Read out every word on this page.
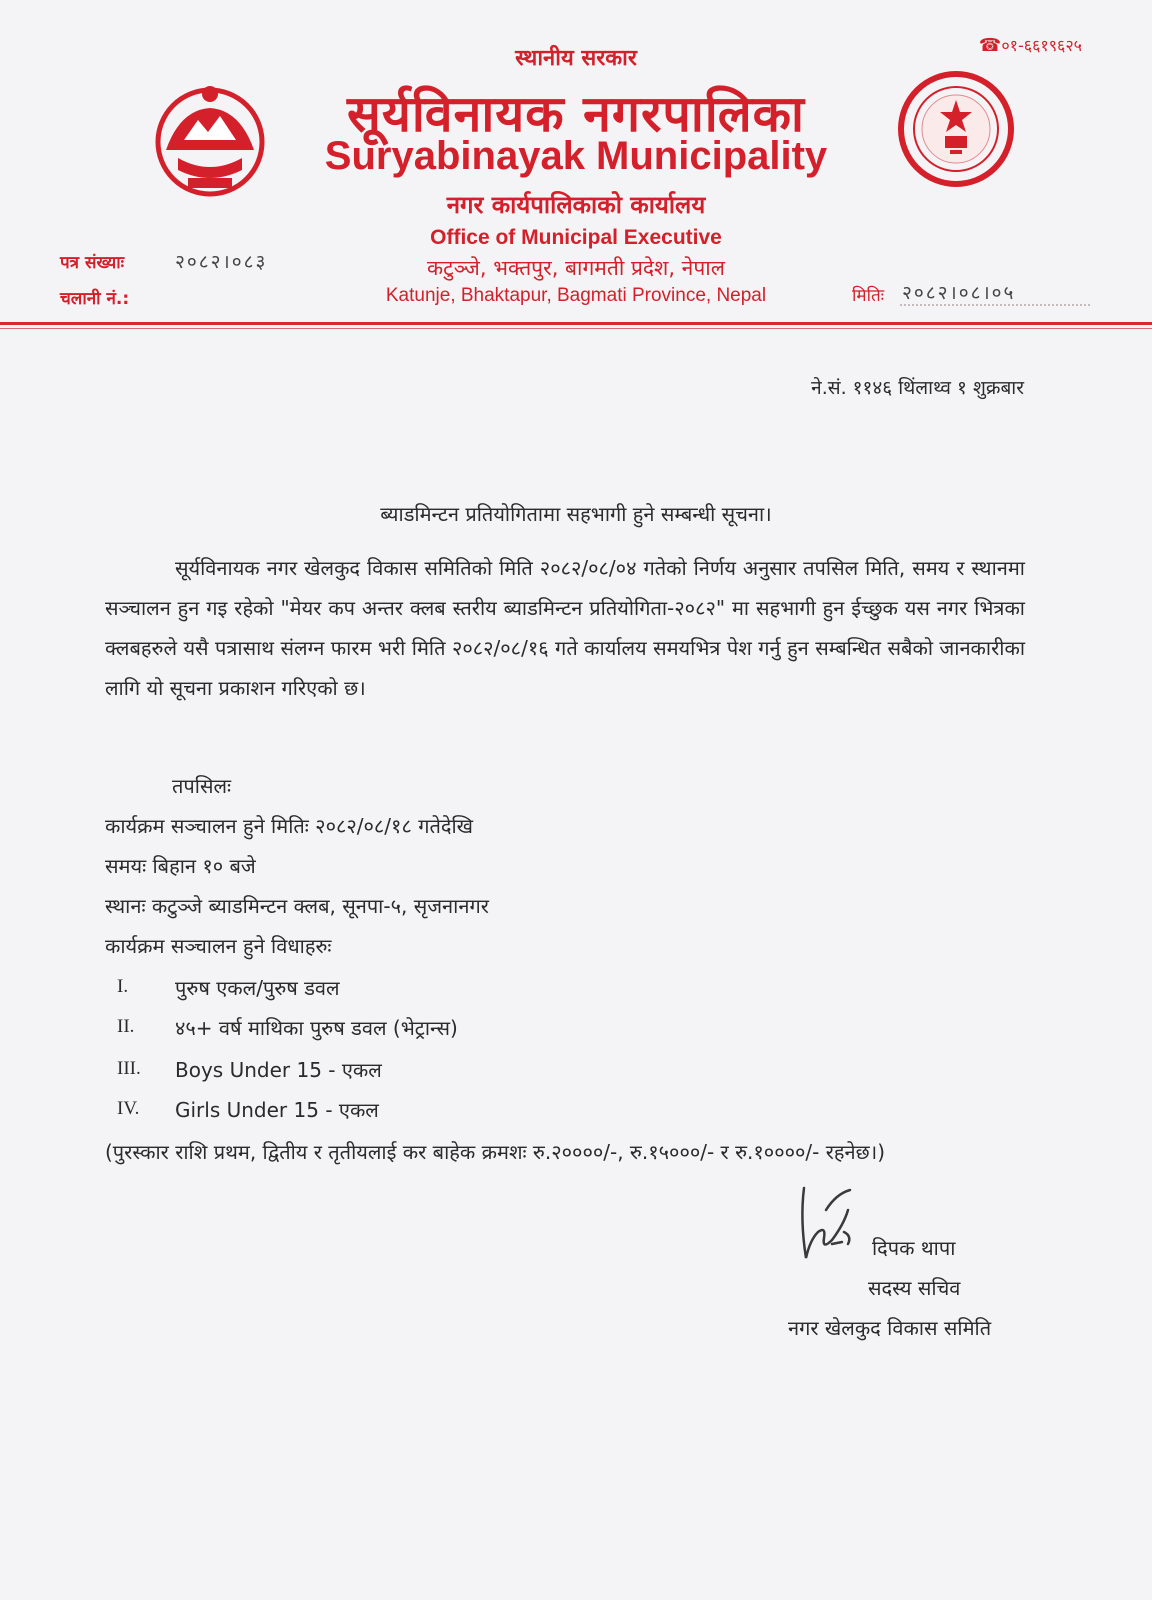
☎०१-६६१९६२५
स्थानीय सरकार
सूर्यविनायक नगरपालिका
Suryabinayak Municipality
नगर कार्यपालिकाको कार्यालय
Office of Municipal Executive
कटुञ्जे, भक्तपुर, बागमती प्रदेश, नेपाल
Katunje, Bhaktapur, Bagmati Province, Nepal
पत्र संख्याः	२०८२।०८३
चलानी नं.:	मितिः २०८२।०८।०५
ने.सं. ११४६ थिंलाथ्व १ शुक्रबार
ब्याडमिन्टन प्रतियोगितामा सहभागी हुने सम्बन्धी सूचना।
सूर्यविनायक नगर खेलकुद विकास समितिको मिति २०८२/०८/०४ गतेको निर्णय अनुसार तपसिल मिति, समय र स्थानमा सञ्चालन हुन गइ रहेको "मेयर कप अन्तर क्लब स्तरीय ब्याडमिन्टन प्रतियोगिता-२०८२" मा सहभागी हुन ईच्छुक यस नगर भित्रका क्लबहरुले यसै पत्रासाथ संलग्न फारम भरी मिति २०८२/०८/१६ गते कार्यालय समयभित्र पेश गर्नु हुन सम्बन्धित सबैको जानकारीका लागि यो सूचना प्रकाशन गरिएको छ।
तपसिलः
कार्यक्रम सञ्चालन हुने मितिः २०८२/०८/१८ गतेदेखि
समयः बिहान १० बजे
स्थानः कटुञ्जे ब्याडमिन्टन क्लब, सूनपा-५, सृजनानगर
कार्यक्रम सञ्चालन हुने विधाहरुः
I.	पुरुष एकल/पुरुष डवल
II.	४५+ वर्ष माथिका पुरुष डवल (भेट्रान्स)
III.	Boys Under 15 - एकल
IV.	Girls Under 15 - एकल
(पुरस्कार राशि प्रथम, द्वितीय र तृतीयलाई कर बाहेक क्रमशः रु.२००००/-, रु.१५०००/- र रु.१००००/- रहनेछ।)
दिपक थापा
सदस्य सचिव
नगर खेलकुद विकास समिति
